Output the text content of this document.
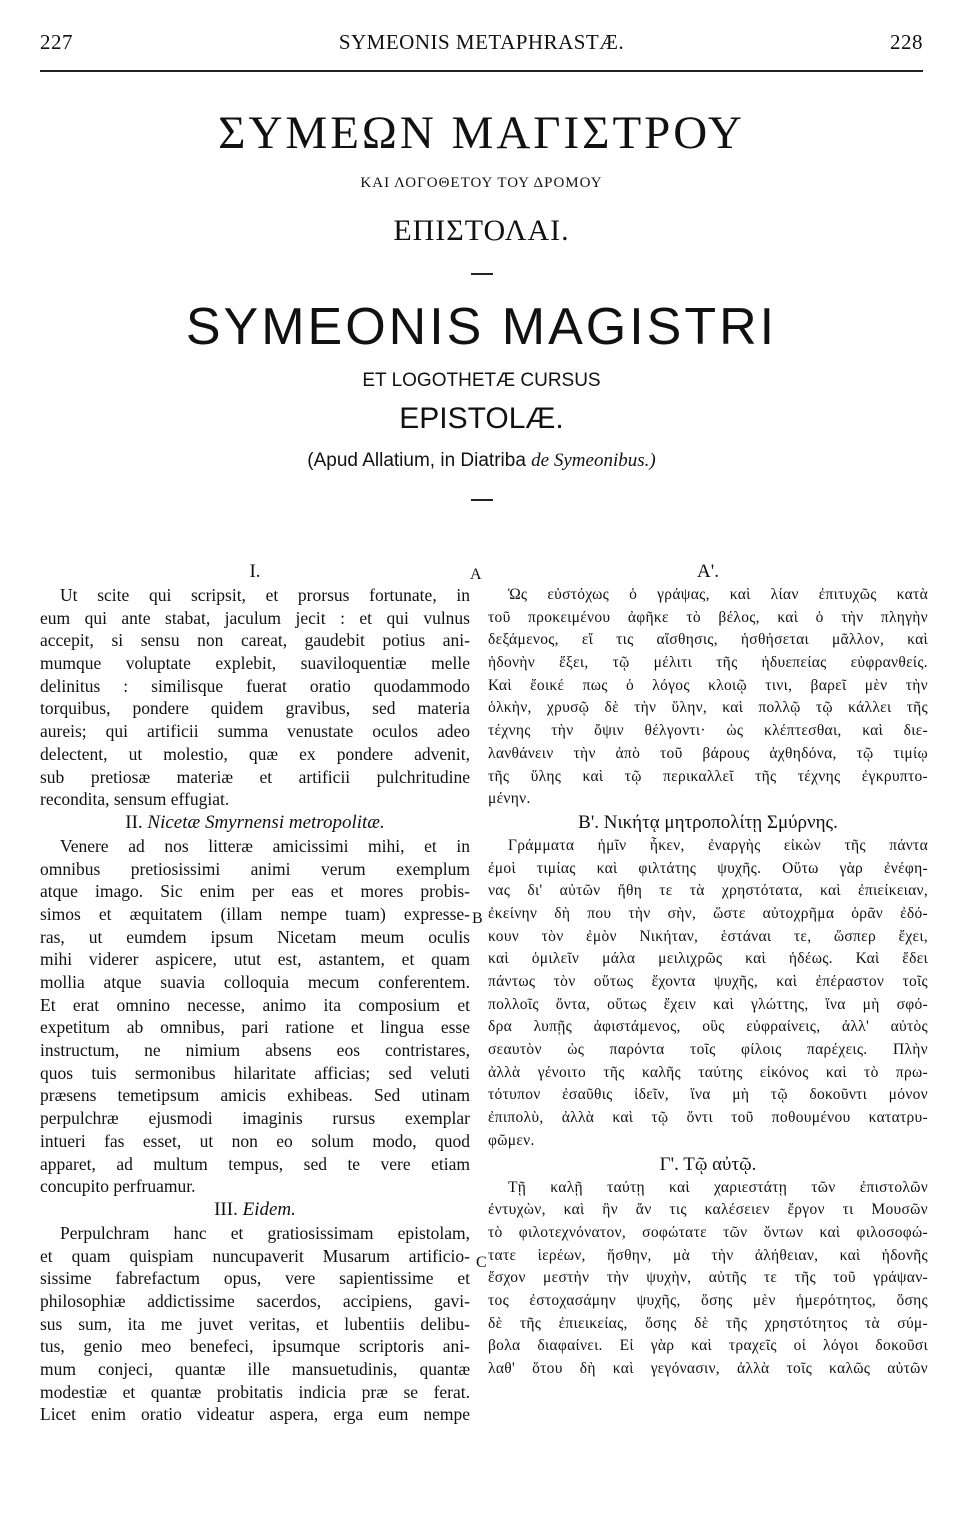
227	SYMEONIS METAPHRASTÆ.	228
ΣΥΜΕΩΝ ΜΑΓΙΣΤΡΟΥ
ΚΑΙ ΛΟΓΟΘΕΤΟΥ ΤΟΥ ΔΡΟΜΟΥ
ΕΠΙΣΤΟΛΑΙ.
SYMEONIS MAGISTRI
ET LOGOTHETÆ CURSUS
EPISTOLÆ.
(Apud Allatium, in Diatriba de Symeonibus.)
A
B
C
I.
Ut scite qui scripsit, et prorsus fortunate, in
eum qui ante stabat, jaculum jecit : et qui vulnus
accepit, si sensu non careat, gaudebit potius ani-
mumque voluptate explebit, suaviloquentiæ melle
delinitus : similisque fuerat oratio quodammodo
torquibus, pondere quidem gravibus, sed materia
aureis; qui artificii summa venustate oculos adeo
delectent, ut molestio, quæ ex pondere advenit,
sub pretiosæ materiæ et artificii pulchritudine
recondita, sensum effugiat.
II. Nicetæ Smyrnensi metropolitæ.
Venere ad nos litteræ amicissimi mihi, et in
omnibus pretiosissimi animi verum exemplum
atque imago. Sic enim per eas et mores probis-
simos et æquitatem (illam nempe tuam) expresse-
ras, ut eumdem ipsum Nicetam meum oculis
mihi viderer aspicere, utut est, astantem, et quam
mollia atque suavia colloquia mecum conferentem.
Et erat omnino necesse, animo ita composium et
expetitum ab omnibus, pari ratione et lingua esse
instructum, ne nimium absens eos contristares,
quos tuis sermonibus hilaritate afficias; sed veluti
præsens temetipsum amicis exhibeas. Sed utinam
perpulchræ ejusmodi imaginis rursus exemplar
intueri fas esset, ut non eo solum modo, quod
apparet, ad multum tempus, sed te vere etiam
concupito perfruamur.
III. Eidem.
Perpulchram hanc et gratiosissimam epistolam,
et quam quispiam nuncupaverit Musarum artificio-
sissime fabrefactum opus, vere sapientissime et
philosophiæ addictissime sacerdos, accipiens, gavi-
sus sum, ita me juvet veritas, et lubentiis delibu-
tus, genio meo benefeci, ipsumque scriptoris ani-
mum conjeci, quantæ ille mansuetudinis, quantæ
modestiæ et quantæ probitatis indicia præ se ferat.
Licet enim oratio videatur aspera, erga eum nempe
Α'.
Ὡς εὐστόχως ὁ γράψας, καὶ λίαν ἐπιτυχῶς κατὰ
τοῦ προκειμένου ἀφῆκε τὸ βέλος, καὶ ὁ τὴν πληγὴν
δεξάμενος, εἴ τις αἴσθησις, ἡσθήσεται μᾶλλον, καὶ
ἡδονὴν ἕξει, τῷ μέλιτι τῆς ἡδυεπείας εὐφρανθείς.
Καὶ ἔοικέ πως ὁ λόγος κλοιῷ τινι, βαρεῖ μὲν τὴν
ὁλκὴν, χρυσῷ δὲ τὴν ὕλην, καὶ πολλῷ τῷ κάλλει τῆς
τέχνης τὴν ὄψιν θέλγοντι· ὡς κλέπτεσθαι, καὶ διε-
λανθάνειν τὴν ἀπὸ τοῦ βάρους ἀχθηδόνα, τῷ τιμίῳ
τῆς ὕλης καὶ τῷ περικαλλεῖ τῆς τέχνης ἐγκρυπτο-
μένην.
Β'. Νικήτᾳ μητροπολίτῃ Σμύρνης.
Γράμματα ἡμῖν ἧκεν, ἐναργὴς εἰκὼν τῆς πάντα
ἐμοὶ τιμίας καὶ φιλτάτης ψυχῆς. Οὕτω γὰρ ἐνέφη-
νας δι' αὐτῶν ἤθη τε τὰ χρηστότατα, καὶ ἐπιείκειαν,
ἐκείνην δὴ που τὴν σὴν, ὥστε αὐτοχρῆμα ὁρᾶν ἐδό-
κουν τὸν ἐμὸν Νικήταν, ἑστάναι τε, ὥσπερ ἔχει,
καὶ ὁμιλεῖν μάλα μειλιχρῶς καὶ ἡδέως. Καὶ ἔδει
πάντως τὸν οὕτως ἔχοντα ψυχῆς, καὶ ἐπέραστον τοῖς
πολλοῖς ὄντα, οὕτως ἔχειν καὶ γλώττης, ἵνα μὴ σφό-
δρα λυπῇς ἀφιστάμενος, οὓς εὐφραίνεις, ἀλλ' αὐτὸς
σεαυτὸν ὡς παρόντα τοῖς φίλοις παρέχεις. Πλὴν
ἀλλὰ γένοιτο τῆς καλῆς ταύτης εἰκόνος καὶ τὸ πρω-
τότυπον ἐσαῦθις ἰδεῖν, ἵνα μὴ τῷ δοκοῦντι μόνον
ἐπιπολὺ, ἀλλὰ καὶ τῷ ὄντι τοῦ ποθουμένου κατατρυ-
φῶμεν.
Γ'. Τῷ αὐτῷ.
Τῇ καλῇ ταύτῃ καὶ χαριεστάτῃ τῶν ἐπιστολῶν
ἐντυχὼν, καὶ ἣν ἄν τις καλέσειεν ἔργον τι Μουσῶν
τὸ φιλοτεχνόνατον, σοφώτατε τῶν ὄντων καὶ φιλοσοφώ-
τατε ἱερέων, ἥσθην, μὰ τὴν ἀλήθειαν, καὶ ἡδονῆς
ἔσχον μεστὴν τὴν ψυχὴν, αὐτῆς τε τῆς τοῦ γράψαν-
τος ἐστοχασάμην ψυχῆς, ὅσης μὲν ἡμερότητος, ὅσης
δὲ τῆς ἐπιεικείας, ὅσης δὲ τῆς χρηστότητος τὰ σύμ-
βολα διαφαίνει. Εἰ γὰρ καὶ τραχεῖς οἱ λόγοι δοκοῦσι
λαθ' ὅτου δὴ καὶ γεγόνασιν, ἀλλὰ τοῖς καλῶς αὐτῶν
